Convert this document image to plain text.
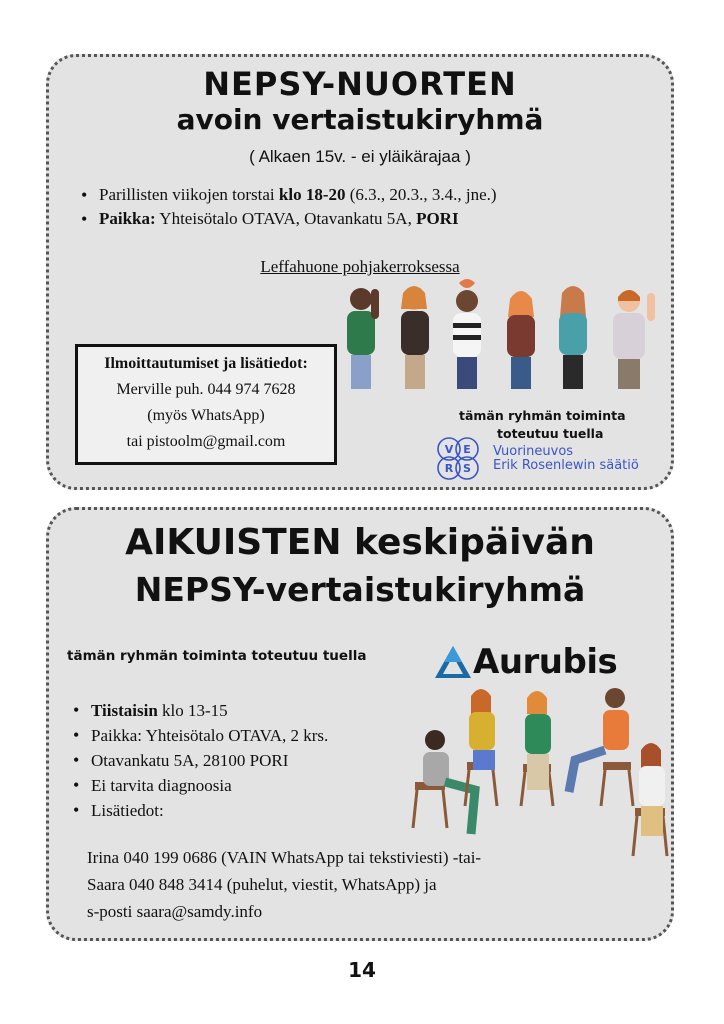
NEPSY-NUORTEN
avoin vertaistukiryhmä
( Alkaen 15v. - ei yläikärajaa )
• Parillisten viikojen torstai klo 18-20 (6.3., 20.3., 3.4., jne.)
• Paikka: Yhteisötalo OTAVA, Otavankatu 5A, PORI
Leffahuone pohjakerroksessa
Ilmoittautumiset ja lisätiedot:
Merville puh. 044 974 7628
(myös WhatsApp)
tai pistoolm@gmail.com
tämän ryhmän toiminta
toteutuu tuella
V E
R S
Vuorineuvos
Erik Rosenlewin säätiö
AIKUISTEN keskipäivän
NEPSY-vertaistukiryhmä
tämän ryhmän toiminta toteutuu tuella	Aurubis
• Tiistaisin klo 13-15
• Paikka: Yhteisötalo OTAVA, 2 krs.
• Otavankatu 5A, 28100 PORI
• Ei tarvita diagnoosia
• Lisätiedot:
Irina 040 199 0686 (VAIN WhatsApp tai tekstiviesti) -tai-
Saara 040 848 3414 (puhelut, viestit, WhatsApp) ja
s-posti saara@samdy.info
14
